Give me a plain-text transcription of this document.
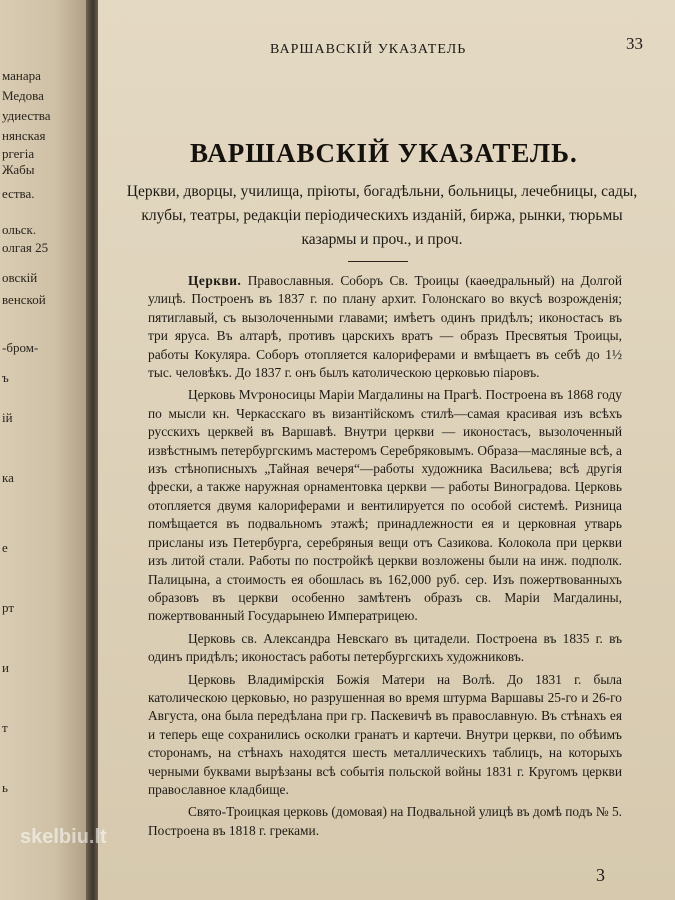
манара
Медова
удиества
нянская
ргегіа
Жабы
ества.
ольск.
олгая 25
овскій
венской
-бром-
ъ
ій
ка
е
рт
и
т
ь
ВАРШАВСКІЙ УКАЗАТЕЛЬ	33
ВАРШАВСКІЙ УКАЗАТЕЛЬ.
Церкви, дворцы, училища, пріюты, богадѣльни, больницы, лечебницы, сады, клубы, театры, редакціи періодическихъ изданій, биржа, рынки, тюрьмы казармы и проч., и проч.

Церкви. Православныя. Соборъ Св. Троицы (каѳедральный) на Долгой улицѣ. Построенъ въ 1837 г. по плану архит. Голонскаго во вкусѣ возрожденія; пятиглавый, съ вызолоченными главами; имѣетъ одинъ придѣлъ; иконостасъ въ три яруса. Въ алтарѣ, противъ царскихъ вратъ — образъ Пресвятыя Троицы, работы Кокуляра. Соборъ отопляется калориферами и вмѣщаетъ въ себѣ до 1½ тыс. человѣкъ. До 1837 г. онъ былъ католическою церковью піаровъ.

Церковь Мѵроносицы Маріи Магдалины на Прагѣ. Построена въ 1868 году по мысли кн. Черкасскаго въ византійскомъ стилѣ—самая красивая изъ всѣхъ русскихъ церквей въ Варшавѣ. Внутри церкви — иконостасъ, вызолоченный извѣстнымъ петербургскимъ мастеромъ Серебряковымъ. Образа—масляные всѣ, а изъ стѣнописныхъ „Тайная вечеря“—работы художника Васильева; всѣ другія фрески, а также наружная орнаментовка церкви — работы Виноградова. Церковь отопляется двумя калориферами и вентилируется по особой системѣ. Ризница помѣщается въ подвальномъ этажѣ; принадлежности ея и церковная утварь присланы изъ Петербурга, серебряныя вещи отъ Сазикова. Колокола при церкви изъ литой стали. Работы по постройкѣ церкви возложены были на инж. подполк. Палицына, а стоимость ея обошлась въ 162,000 руб. сер. Изъ пожертвованныхъ образовъ въ церкви особенно замѣтенъ образъ св. Маріи Магдалины, пожертвованный Государынею Императрицею.

Церковь св. Александра Невскаго въ цитадели. Построена въ 1835 г. въ одинъ придѣлъ; иконостасъ работы петербургскихъ художниковъ.

Церковь Владимірскія Божія Матери на Волѣ. До 1831 г. была католическою церковью, но разрушенная во время штурма Варшавы 25-го и 26-го Августа, она была передѣлана при гр. Паскевичѣ въ православную. Въ стѣнахъ ея и теперь еще сохранились осколки гранатъ и картечи. Внутри церкви, по обѣимъ сторонамъ, на стѣнахъ находятся шесть металлическихъ таблицъ, на которыхъ черными буквами вырѣзаны всѣ событія польской войны 1831 г. Кругомъ церкви православное кладбище.

Свято-Троицкая церковь (домовая) на Подвальной улицѣ въ домѣ подъ № 5. Построена въ 1818 г. греками.

3
skelbiu.lt
